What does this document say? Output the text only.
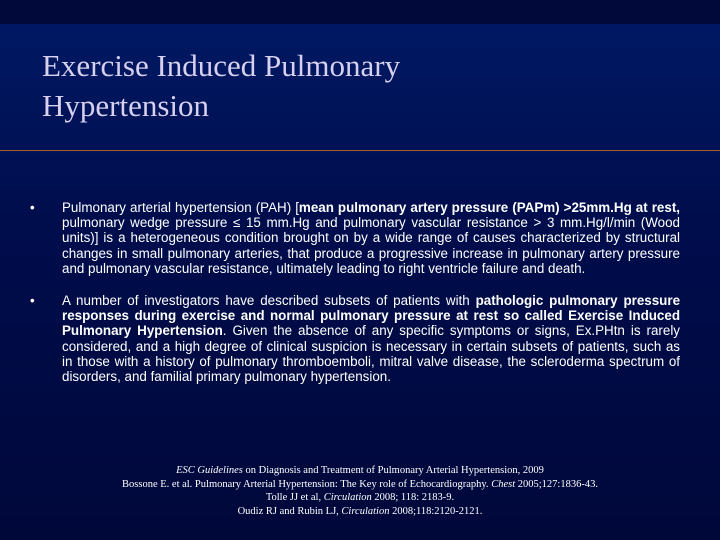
Exercise Induced Pulmonary Hypertension presented at the annual meeting of the society
Exercise Induced Pulmonary
Hypertension
•	Pulmonary arterial hypertension (PAH) [mean pulmonary artery pressure (PAPm) >25mm.Hg at rest, pulmonary wedge pressure ≤ 15 mm.Hg and pulmonary vascular resistance > 3 mm.Hg/l/min (Wood units)] is a heterogeneous condition brought on by a wide range of causes characterized by structural changes in small pulmonary arteries, that produce a progressive increase in pulmonary artery pressure and pulmonary vascular resistance, ultimately leading to right ventricle failure and death.
•	A number of investigators have described subsets of patients with pathologic pulmonary pressure responses during exercise and normal pulmonary pressure at rest so called Exercise Induced Pulmonary Hypertension. Given the absence of any specific symptoms or signs, Ex.PHtn is rarely considered, and a high degree of clinical suspicion is necessary in certain subsets of patients, such as in those with a history of pulmonary thromboemboli, mitral valve disease, the scleroderma spectrum of disorders, and familial primary pulmonary hypertension.
ESC Guidelines on Diagnosis and Treatment of Pulmonary Arterial Hypertension, 2009
Bossone E. et al. Pulmonary Arterial Hypertension: The Key role of Echocardiography. Chest 2005;127:1836-43.
Tolle JJ et al, Circulation 2008; 118: 2183-9.
Oudiz RJ and Rubin LJ, Circulation 2008;118:2120-2121.
